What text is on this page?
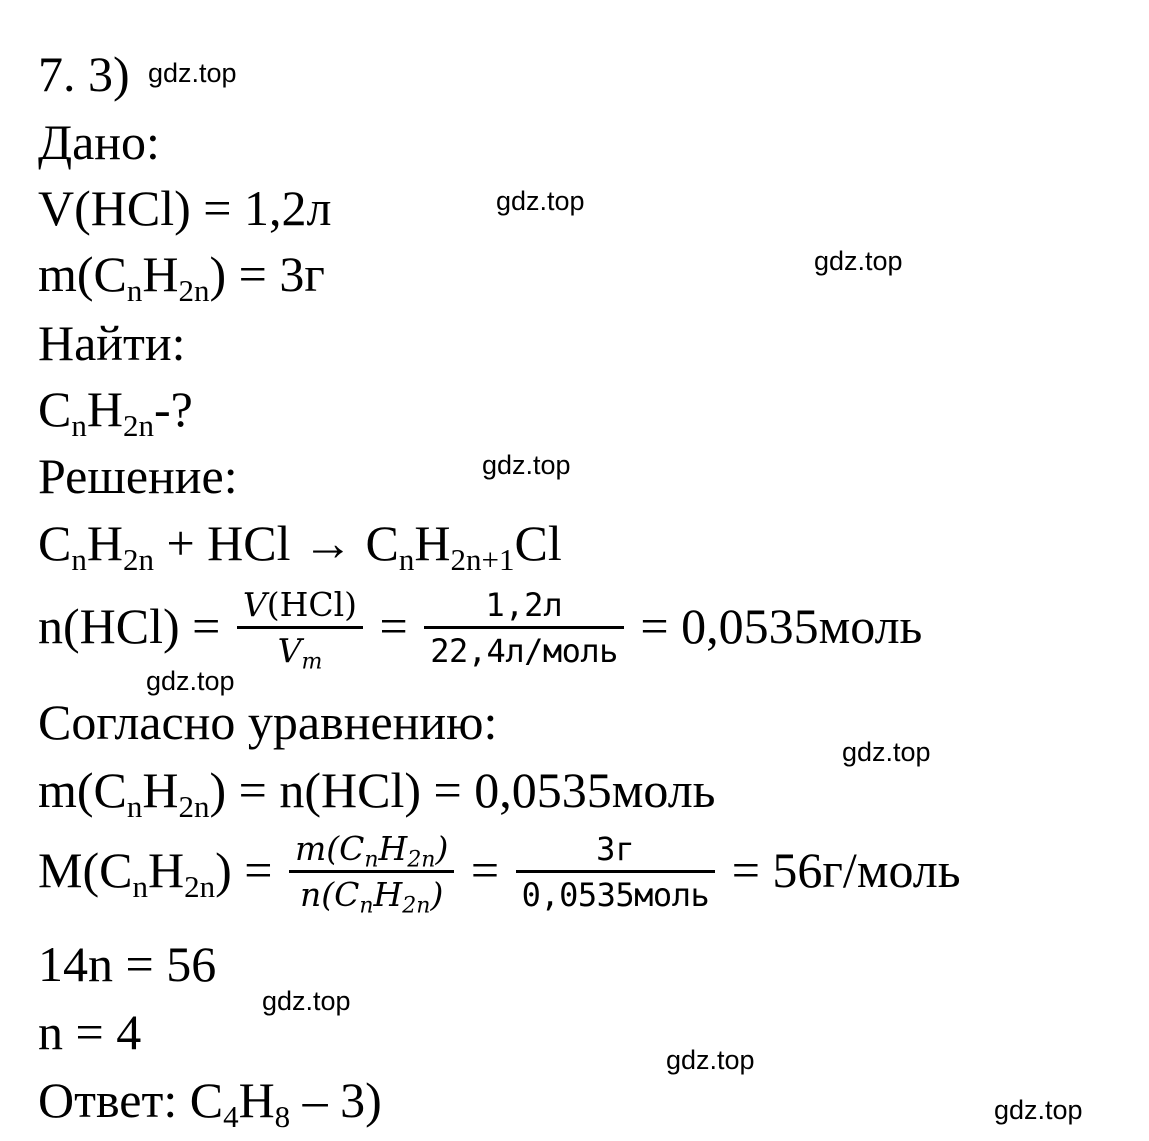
7. 3)
Дано:
V(HCl) = 1,2л
$m(C_nH_{2n}) = 3г$
Найти:
$C_nH_{2n}-$?
Решение:
$C_nH_{2n}$ + HCl → $C_nH_{2n+1}Cl$
$n(HCl) = \frac{\text{V(HCl)}}{Vm} = \frac{1,2л}{\text{22,4л/моль}}$ = 0,0535моль
Согласно уравнению:
$m(C_nH_{2n}) = n(HCl)$ = 0,0535моль
$M(C_nH_{2n}) = \frac{\text{m(CnH2n)}}{\text{n(CnH2n)}} = \frac{3г}{\text{0,0535моль}}$ = 56г/моль
14n = 56
n = 4
Ответ: $C_4H_8 - 3$)
gdz.top
gdz.top
gdz.top
gdz.top
gdz.top
gdz.top
gdz.top
gdz.top
gdz.top
